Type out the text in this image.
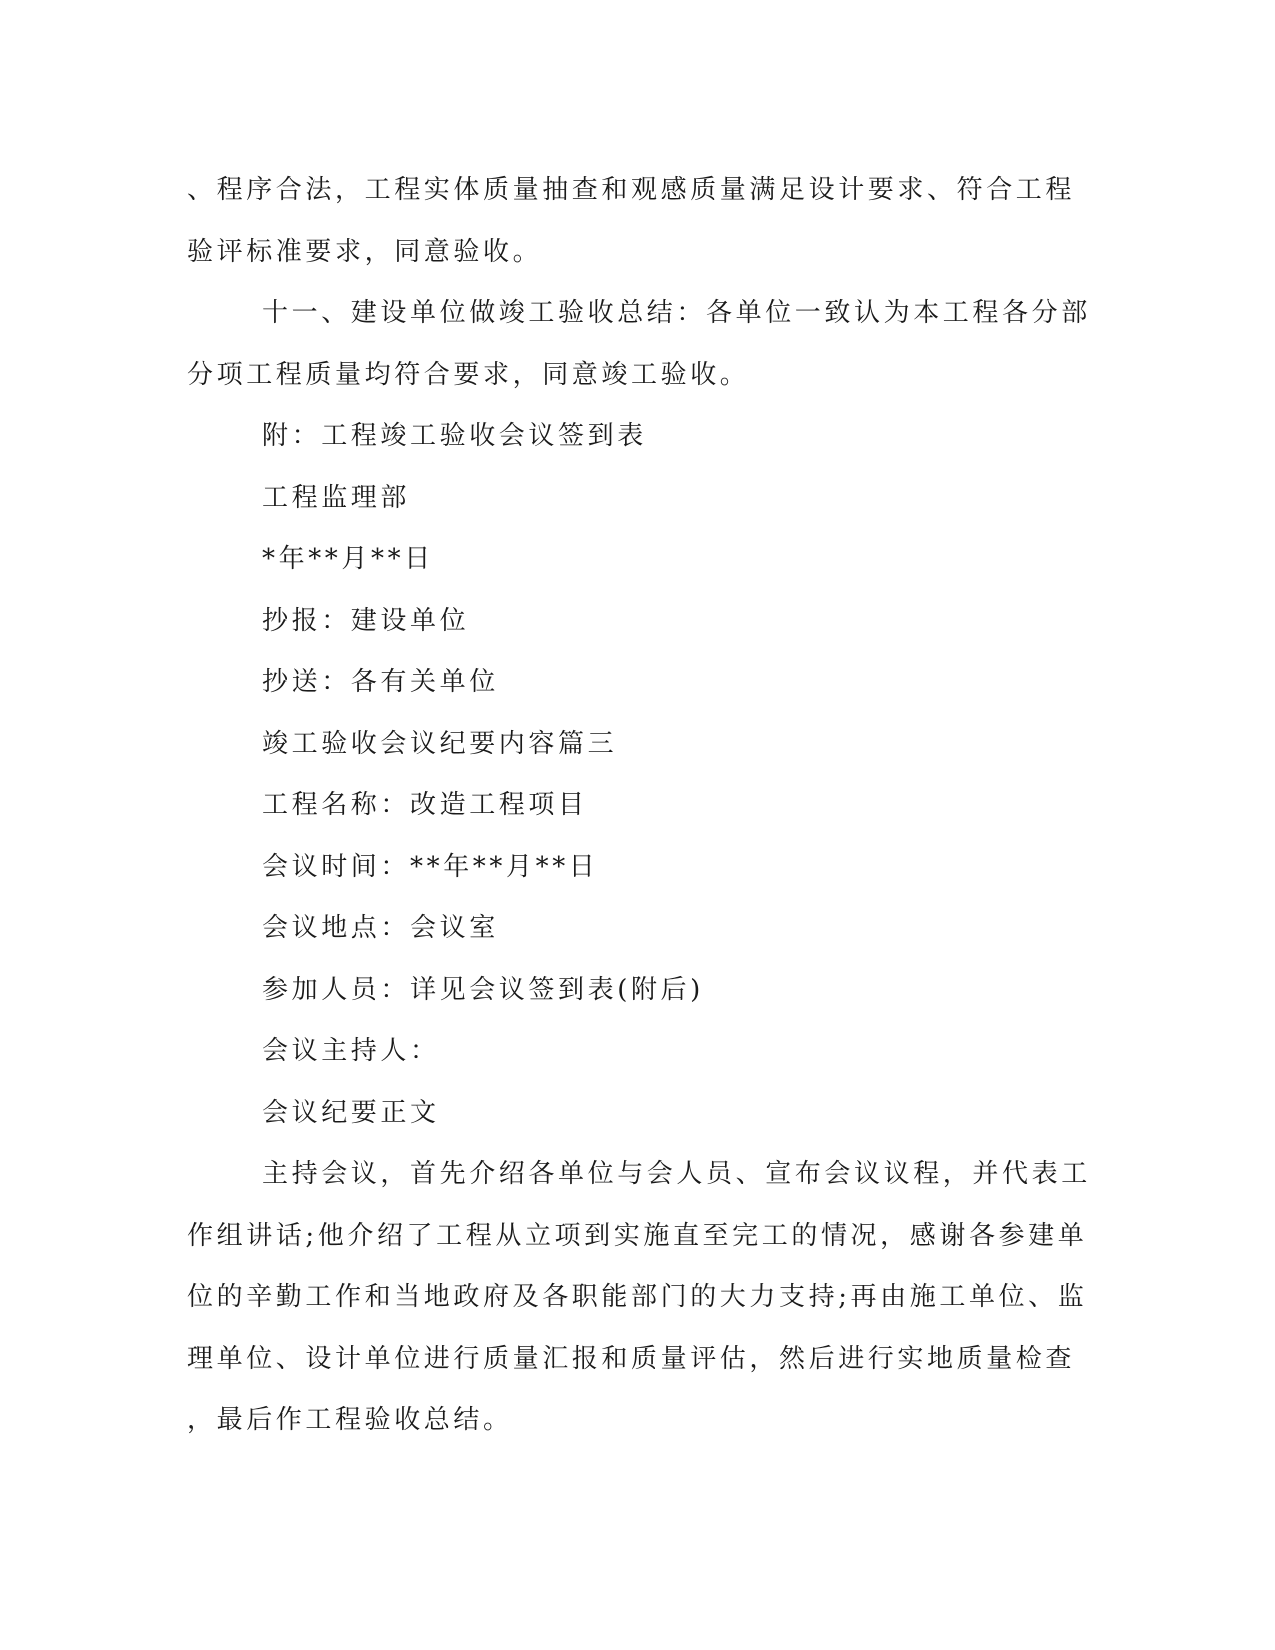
、程序合法，工程实体质量抽查和观感质量满足设计要求、符合工程
验评标准要求，同意验收。
十一、建设单位做竣工验收总结：各单位一致认为本工程各分部
分项工程质量均符合要求，同意竣工验收。
附：工程竣工验收会议签到表
工程监理部
*年**月**日
抄报：建设单位
抄送：各有关单位
竣工验收会议纪要内容篇三
工程名称：改造工程项目
会议时间：**年**月**日
会议地点：会议室
参加人员：详见会议签到表(附后)
会议主持人：
会议纪要正文
主持会议，首先介绍各单位与会人员、宣布会议议程，并代表工
作组讲话;他介绍了工程从立项到实施直至完工的情况，感谢各参建单
位的辛勤工作和当地政府及各职能部门的大力支持;再由施工单位、监
理单位、设计单位进行质量汇报和质量评估，然后进行实地质量检查
，最后作工程验收总结。
